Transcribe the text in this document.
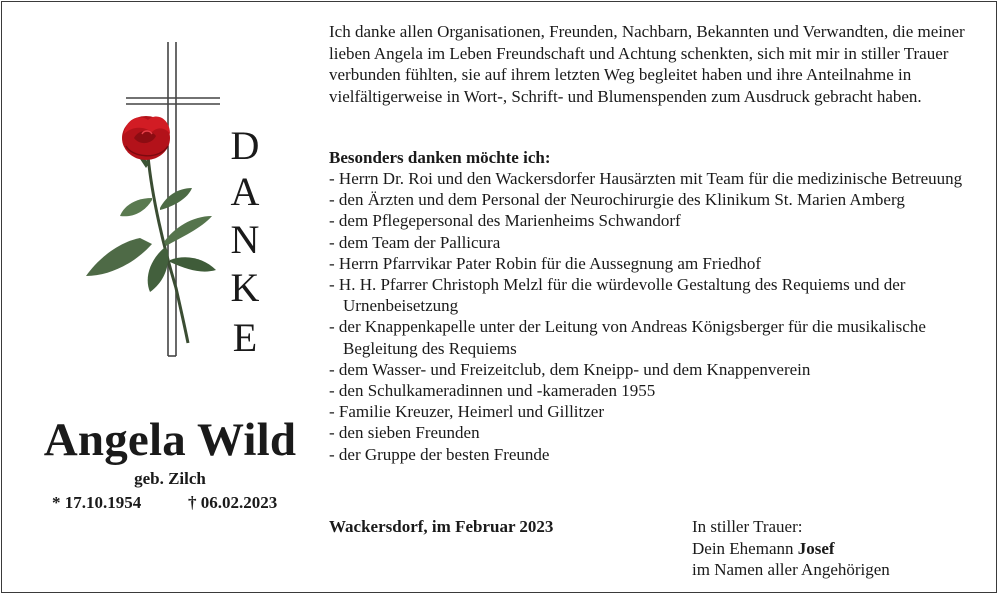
D
A
N
K
E
Angela Wild
geb. Zilch
* 17.10.1954	† 06.02.2023

Ich danke allen Organisationen, Freunden, Nachbarn, Bekannten und Verwandten, die meiner lieben Angela im Leben Freundschaft und Achtung schenkten, sich mit mir in stiller Trauer verbunden fühlten, sie auf ihrem letzten Weg begleitet haben und ihre Anteilnahme in vielfältigerweise in Wort-, Schrift- und Blumenspenden zum Ausdruck gebracht haben.

Besonders danken möchte ich:
- Herrn Dr. Roi und den Wackersdorfer Hausärzten mit Team für die medizinische Betreuung
- den Ärzten und dem Personal der Neurochirurgie des Klinikum St. Marien Amberg
- dem Pflegepersonal des Marienheims Schwandorf
- dem Team der Pallicura
- Herrn Pfarrvikar Pater Robin für die Aussegnung am Friedhof
- H. H. Pfarrer Christoph Melzl für die würdevolle Gestaltung des Requiems und der Urnenbeisetzung
- der Knappenkapelle unter der Leitung von Andreas Königsberger für die musikalische Begleitung des Requiems
- dem Wasser- und Freizeitclub, dem Kneipp- und dem Knappenverein
- den Schulkameradinnen und -kameraden 1955
- Familie Kreuzer, Heimerl und Gillitzer
- den sieben Freunden
- der Gruppe der besten Freunde
Wackersdorf, im Februar 2023	In stiller Trauer:
Dein Ehemann Josef
im Namen aller Angehörigen
